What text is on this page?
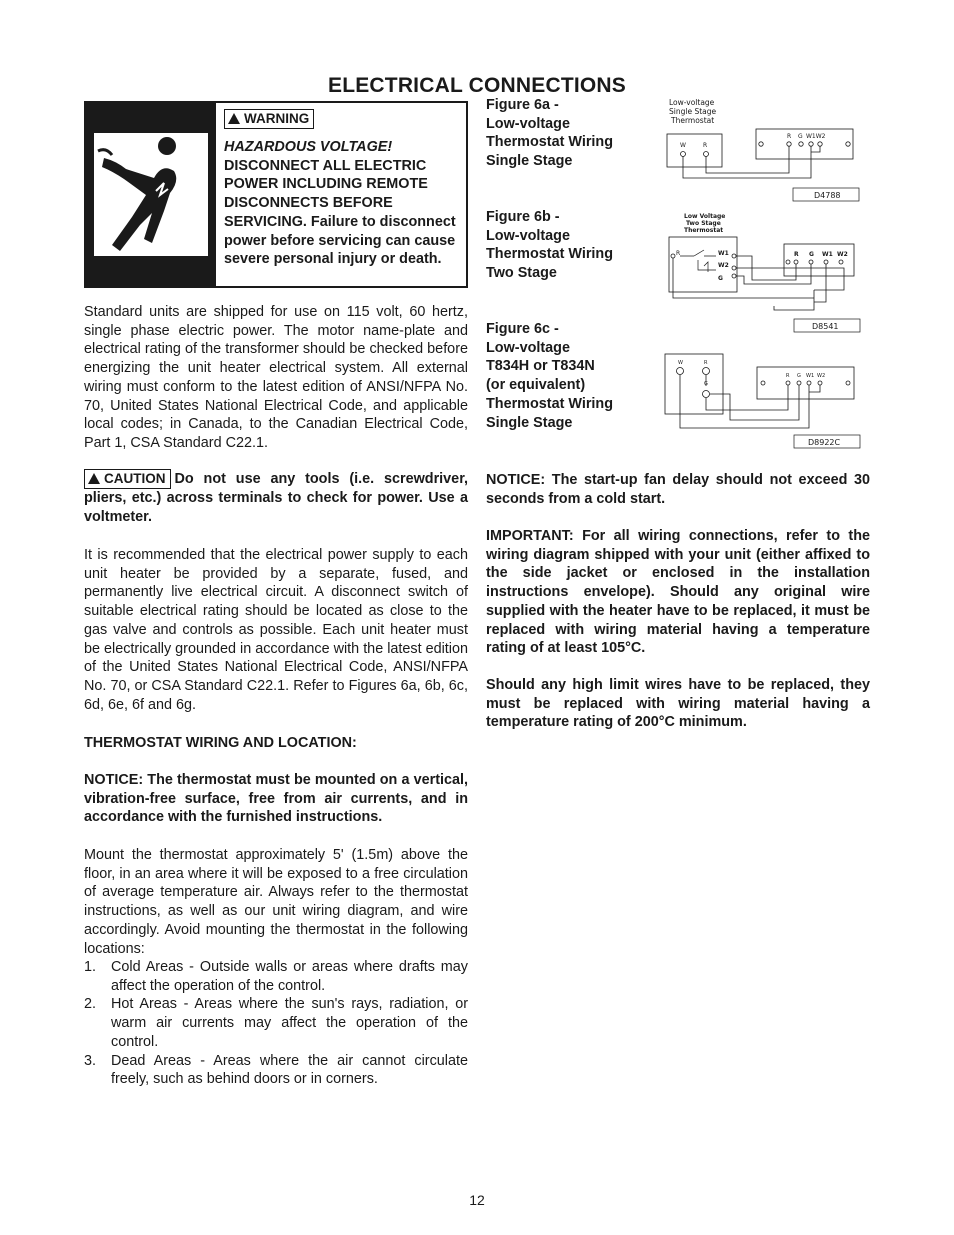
ELECTRICAL CONNECTIONS
WARNING
HAZARDOUS VOLTAGE!
DISCONNECT ALL ELECTRIC POWER INCLUDING REMOTE DISCONNECTS BEFORE SERVICING. Failure to disconnect power before servicing can cause severe personal injury or death.

Standard units are shipped for use on 115 volt, 60 hertz, single phase electric power. The motor name-plate and electrical rating of the transformer should be checked before energizing the unit heater electrical system. All external wiring must conform to the latest edition of ANSI/NFPA No. 70, United States National Electrical Code, and applicable local codes; in Canada, to the Canadian Electrical Code, Part 1, CSA Standard C22.1.

CAUTION Do not use any tools (i.e. screwdriver, pliers, etc.) across terminals to check for power. Use a voltmeter.

It is recommended that the electrical power supply to each unit heater be provided by a separate, fused, and permanently live electrical circuit. A disconnect switch of suitable electrical rating should be located as close to the gas valve and controls as possible. Each unit heater must be electrically grounded in accordance with the latest edition of the United States National Electrical Code, ANSI/NFPA No. 70, or CSA Standard C22.1. Refer to Figures 6a, 6b, 6c, 6d, 6e, 6f and 6g.

THERMOSTAT WIRING AND LOCATION:

NOTICE: The thermostat must be mounted on a vertical, vibration-free surface, free from air currents, and in accordance with the furnished instructions.

Mount the thermostat approximately 5' (1.5m) above the floor, in an area where it will be exposed to a free circulation of average temperature air. Always refer to the thermostat instructions, as well as our unit wiring diagram, and wire accordingly. Avoid mounting the thermostat in the following locations:

1. Cold Areas - Outside walls or areas where drafts may affect the operation of the control.
2. Hot Areas - Areas where the sun's rays, radiation, or warm air currents may affect the operation of the control.
3. Dead Areas - Areas where the air cannot circulate freely, such as behind doors or in corners.
Figure 6a -
Low-voltage
Thermostat Wiring
Single Stage
Figure 6b -
Low-voltage
Thermostat Wiring
Two Stage
Figure 6c -
Low-voltage
T834H or T834N
(or equivalent)
Thermostat Wiring
Single Stage
Low-voltage
Single Stage
Thermostat
W	R
R G W1W2
D4788
Low Voltage
Two Stage
Thermostat
R	W1
W2
G
R G W1 W2
D8541
W	R
G
R G W1 W2
D8922C

NOTICE: The start-up fan delay should not exceed 30 seconds from a cold start.

IMPORTANT: For all wiring connections, refer to the wiring diagram shipped with your unit (either affixed to the side jacket or enclosed in the installation instructions envelope). Should any original wire supplied with the heater have to be replaced, it must be replaced with wiring material having a temperature rating of at least 105°C.

Should any high limit wires have to be replaced, they must be replaced with wiring material having a temperature rating of 200°C minimum.

12
